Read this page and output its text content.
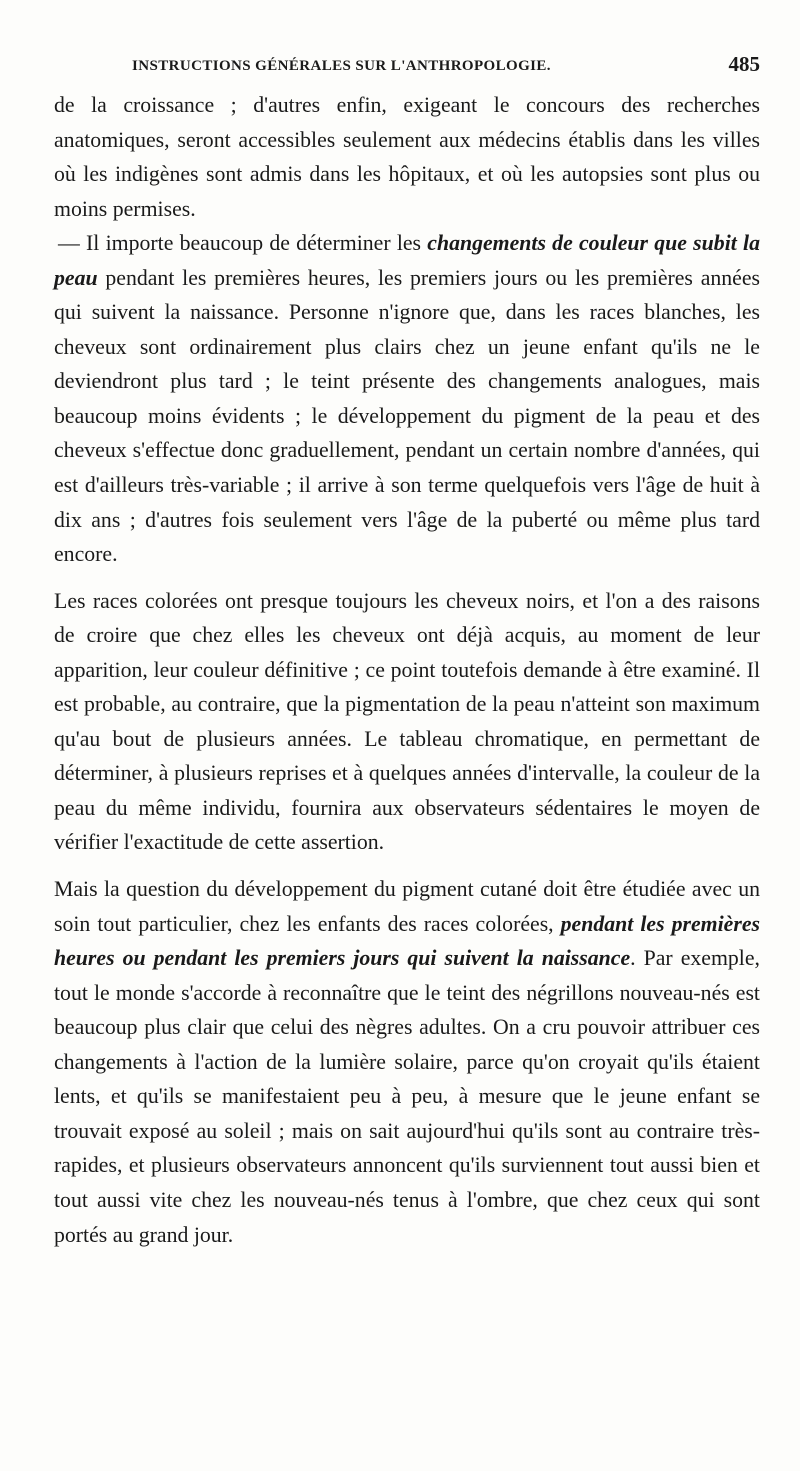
INSTRUCTIONS GÉNÉRALES SUR L'ANTHROPOLOGIE.	485

de la croissance ; d'autres enfin, exigeant le concours des recherches anatomiques, seront accessibles seulement aux médecins établis dans les villes où les indigènes sont admis dans les hôpitaux, et où les autopsies sont plus ou moins permises.

— Il importe beaucoup de déterminer les changements de couleur que subit la peau pendant les premières heures, les premiers jours ou les premières années qui suivent la naissance. Personne n'ignore que, dans les races blanches, les cheveux sont ordinairement plus clairs chez un jeune enfant qu'ils ne le deviendront plus tard ; le teint présente des changements analogues, mais beaucoup moins évidents ; le développement du pigment de la peau et des cheveux s'effectue donc graduellement, pendant un certain nombre d'années, qui est d'ailleurs très-variable ; il arrive à son terme quelquefois vers l'âge de huit à dix ans ; d'autres fois seulement vers l'âge de la puberté ou même plus tard encore.

Les races colorées ont presque toujours les cheveux noirs, et l'on a des raisons de croire que chez elles les cheveux ont déjà acquis, au moment de leur apparition, leur couleur définitive ; ce point toutefois demande à être examiné. Il est probable, au contraire, que la pigmentation de la peau n'atteint son maximum qu'au bout de plusieurs années. Le tableau chromatique, en permettant de déterminer, à plusieurs reprises et à quelques années d'intervalle, la couleur de la peau du même individu, fournira aux observateurs sédentaires le moyen de vérifier l'exactitude de cette assertion.

Mais la question du développement du pigment cutané doit être étudiée avec un soin tout particulier, chez les enfants des races colorées, pendant les premières heures ou pendant les premiers jours qui suivent la naissance. Par exemple, tout le monde s'accorde à reconnaître que le teint des négrillons nouveau-nés est beaucoup plus clair que celui des nègres adultes. On a cru pouvoir attribuer ces changements à l'action de la lumière solaire, parce qu'on croyait qu'ils étaient lents, et qu'ils se manifestaient peu à peu, à mesure que le jeune enfant se trouvait exposé au soleil ; mais on sait aujourd'hui qu'ils sont au contraire très-rapides, et plusieurs observateurs annoncent qu'ils surviennent tout aussi bien et tout aussi vite chez les nouveau-nés tenus à l'ombre, que chez ceux qui sont portés au grand jour.
